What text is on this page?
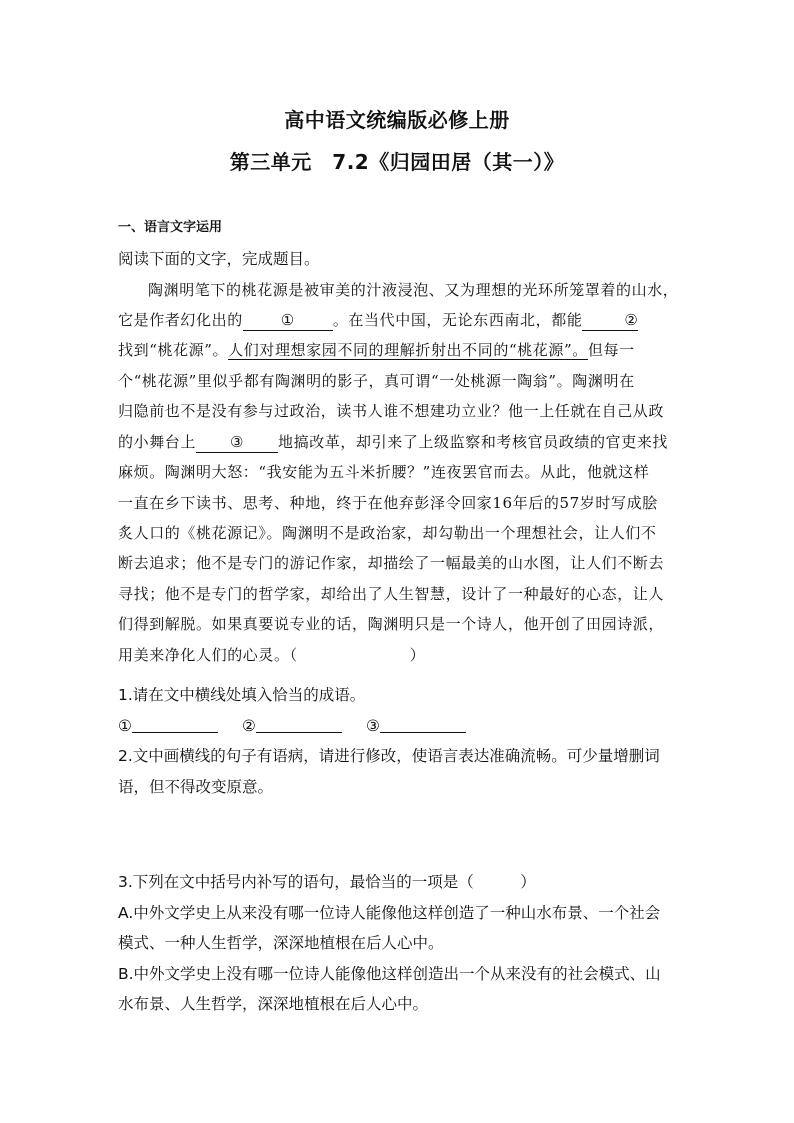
高中语文统编版必修上册
第三单元　7.2《归园田居（其一）》
一、语言文字运用
阅读下面的文字，完成题目。
陶渊明笔下的桃花源是被审美的汁液浸泡、又为理想的光环所笼罩着的山水，
它是作者幻化出的	①	。在当代中国，无论东西南北，都能	②
找到“桃花源”。人们对理想家园不同的理解折射出不同的“桃花源”。但每一
个“桃花源”里似乎都有陶渊明的影子，真可谓“一处桃源一陶翁”。陶渊明在
归隐前也不是没有参与过政治，读书人谁不想建功立业？他一上任就在自己从政
的小舞台上 ③ 地搞改革，却引来了上级监察和考核官员政绩的官吏来找
麻烦。陶渊明大怒：“我安能为五斗米折腰？”连夜罢官而去。从此，他就这样
一直在乡下读书、思考、种地，终于在他弃彭泽令回家16年后的57岁时写成脍
炙人口的《桃花源记》。陶渊明不是政治家，却勾勒出一个理想社会，让人们不
断去追求；他不是专门的游记作家，却描绘了一幅最美的山水图，让人们不断去
寻找；他不是专门的哲学家，却给出了人生智慧，设计了一种最好的心态，让人
们得到解脱。如果真要说专业的话，陶渊明只是一个诗人，他开创了田园诗派，
用美来净化人们的心灵。（	）
1.请在文中横线处填入恰当的成语。
①	②	③
2.文中画横线的句子有语病，请进行修改，使语言表达准确流畅。可少量增删词
语，但不得改变原意。
3.下列在文中括号内补写的语句，最恰当的一项是（　　　）
A.中外文学史上从来没有哪一位诗人能像他这样创造了一种山水布景、一个社会
模式、一种人生哲学，深深地植根在后人心中。
B.中外文学史上没有哪一位诗人能像他这样创造出一个从来没有的社会模式、山
水布景、人生哲学，深深地植根在后人心中。
